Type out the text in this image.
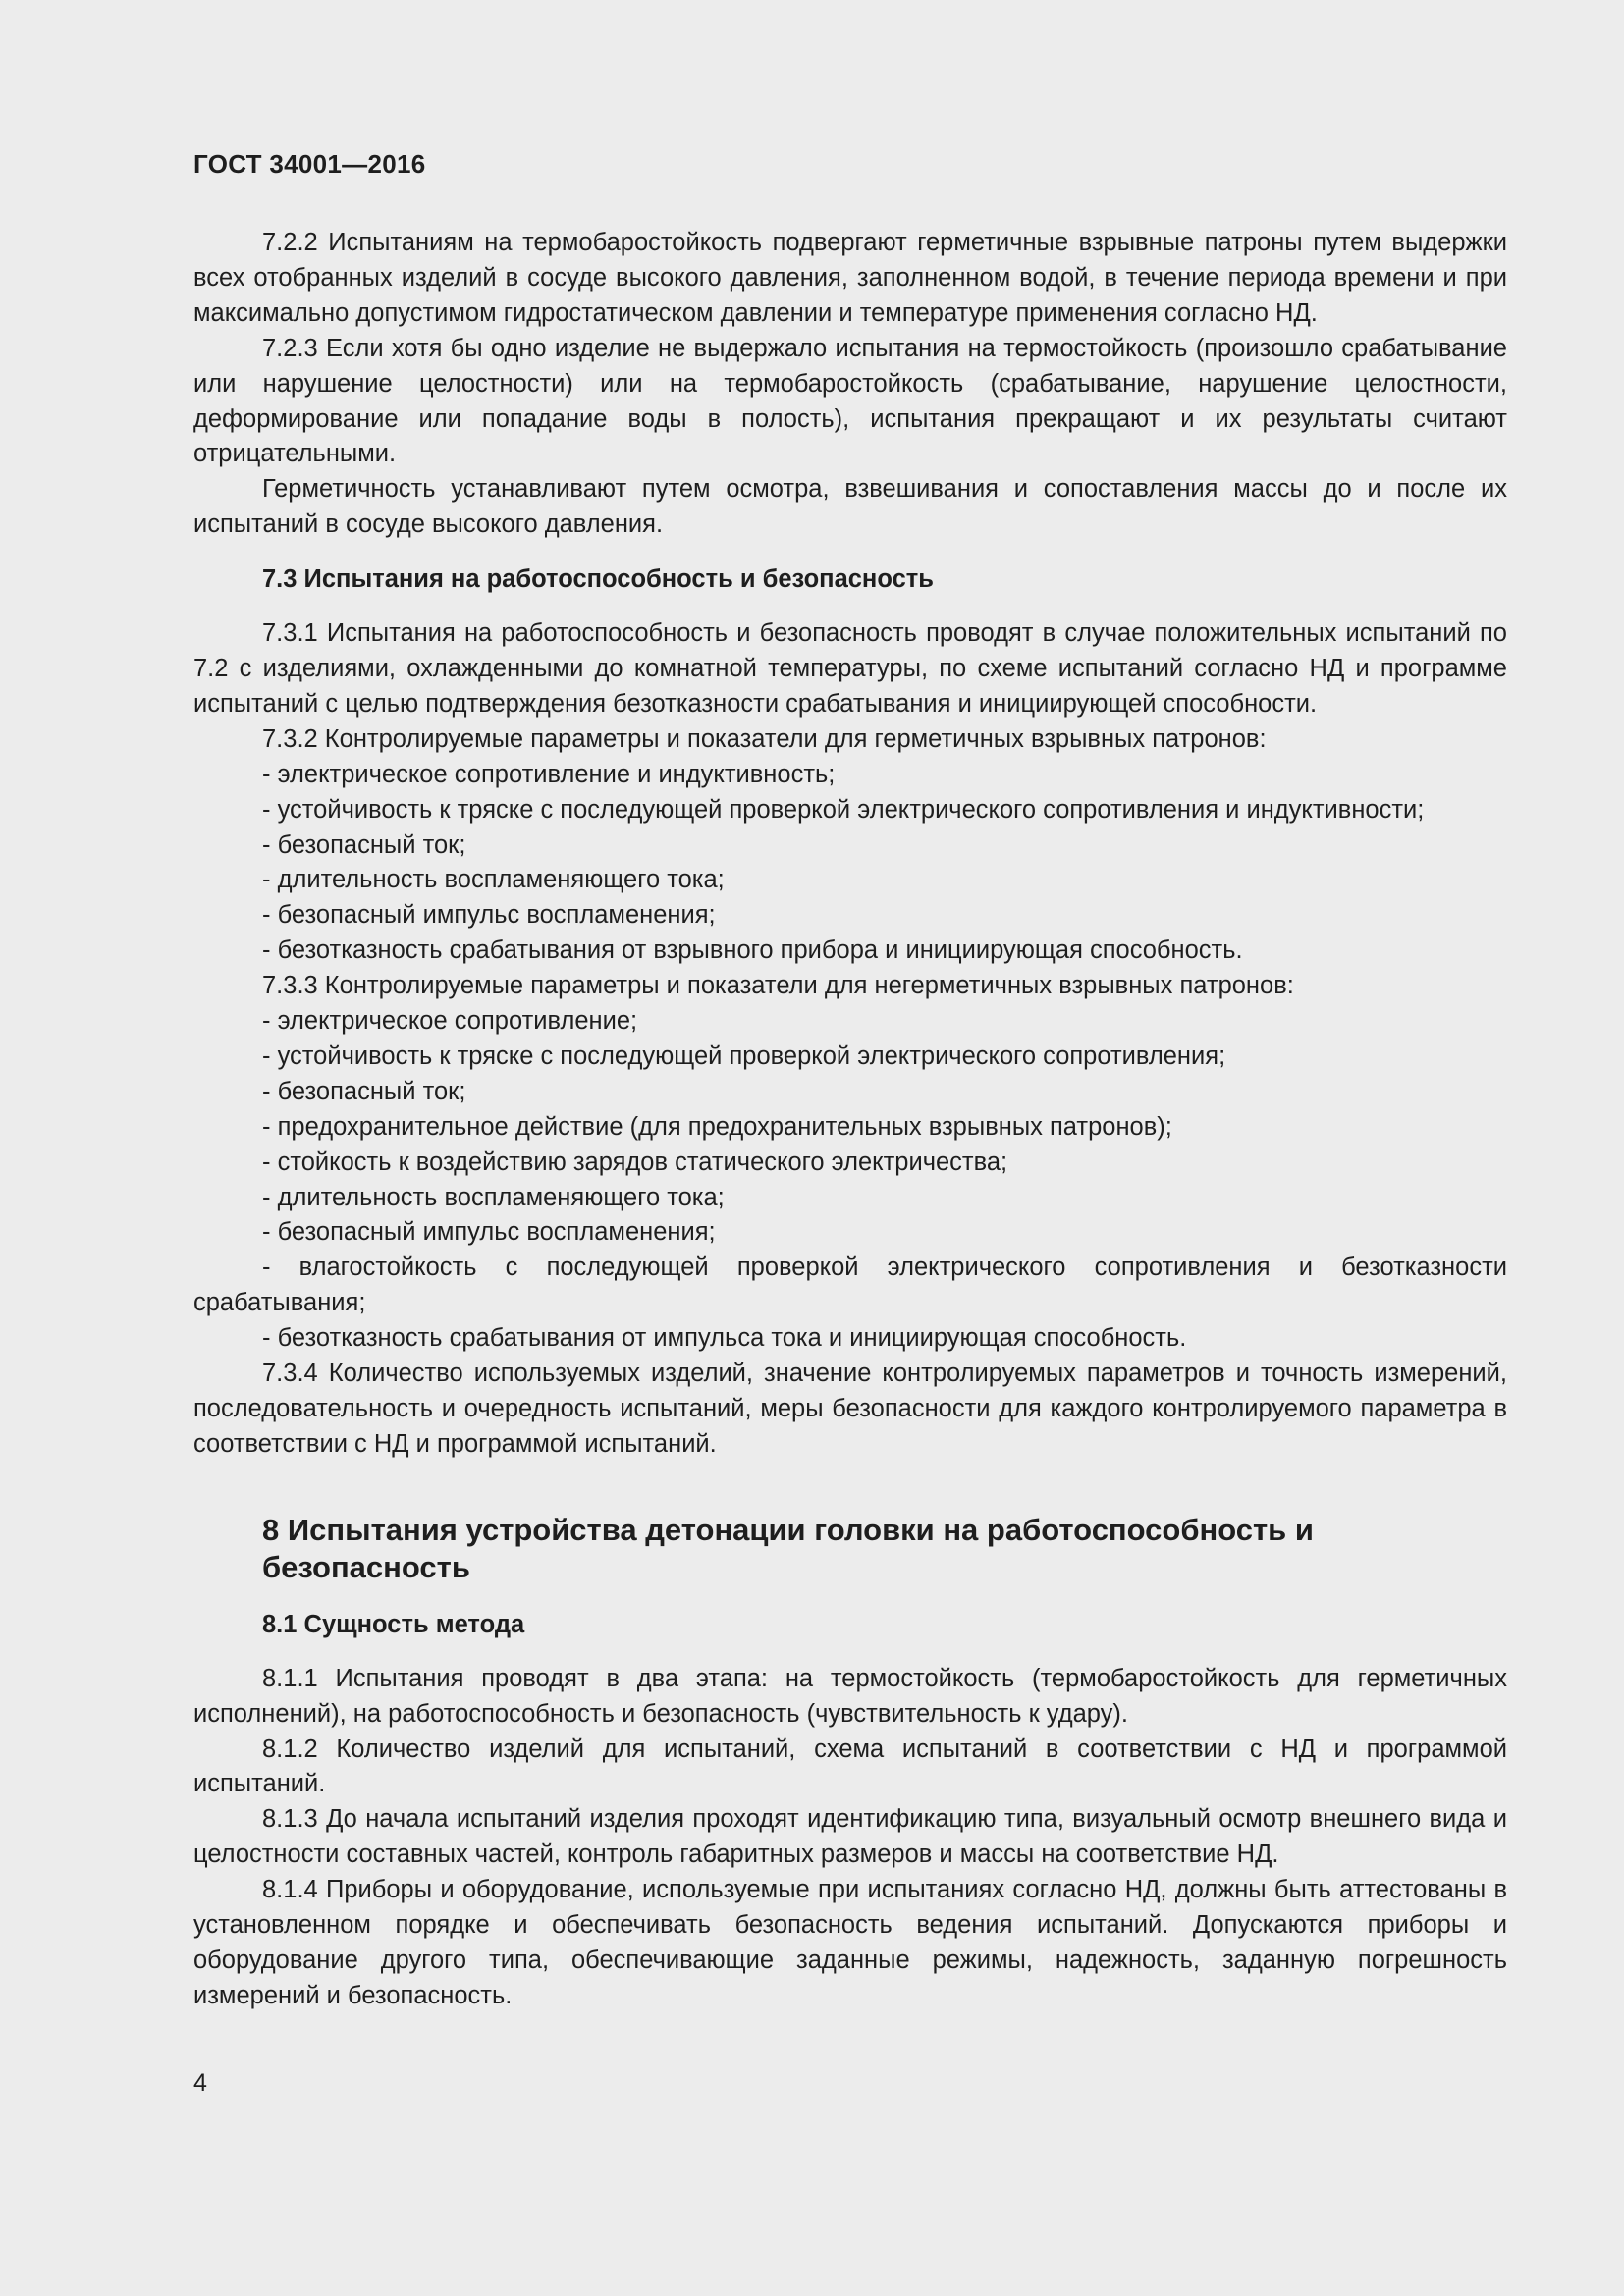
ГОСТ 34001—2016

7.2.2 Испытаниям на термобаростойкость подвергают герметичные взрывные патроны путем выдержки всех отобранных изделий в сосуде высокого давления, заполненном водой, в течение периода времени и при максимально допустимом гидростатическом давлении и температуре применения согласно НД.

7.2.3 Если хотя бы одно изделие не выдержало испытания на термостойкость (произошло срабатывание или нарушение целостности) или на термобаростойкость (срабатывание, нарушение целостности, деформирование или попадание воды в полость), испытания прекращают и их результаты считают отрицательными.

Герметичность устанавливают путем осмотра, взвешивания и сопоставления массы до и после их испытаний в сосуде высокого давления.

7.3 Испытания на работоспособность и безопасность

7.3.1 Испытания на работоспособность и безопасность проводят в случае положительных испытаний по 7.2 с изделиями, охлажденными до комнатной температуры, по схеме испытаний согласно НД и программе испытаний с целью подтверждения безотказности срабатывания и инициирующей способности.

7.3.2 Контролируемые параметры и показатели для герметичных взрывных патронов:

- электрическое сопротивление и индуктивность;

- устойчивость к тряске с последующей проверкой электрического сопротивления и индуктивности;

- безопасный ток;

- длительность воспламеняющего тока;

- безопасный импульс воспламенения;

- безотказность срабатывания от взрывного прибора и инициирующая способность.

7.3.3 Контролируемые параметры и показатели для негерметичных взрывных патронов:

- электрическое сопротивление;

- устойчивость к тряске с последующей проверкой электрического сопротивления;

- безопасный ток;

- предохранительное действие (для предохранительных взрывных патронов);

- стойкость к воздействию зарядов статического электричества;

- длительность воспламеняющего тока;

- безопасный импульс воспламенения;

- влагостойкость с последующей проверкой электрического сопротивления и безотказности срабатывания;

- безотказность срабатывания от импульса тока и инициирующая способность.

7.3.4 Количество используемых изделий, значение контролируемых параметров и точность измерений, последовательность и очередность испытаний, меры безопасности для каждого контролируемого параметра в соответствии с НД и программой испытаний.

8 Испытания устройства детонации головки на работоспособность и безопасность
8.1 Сущность метода

8.1.1 Испытания проводят в два этапа: на термостойкость (термобаростойкость для герметичных исполнений), на работоспособность и безопасность (чувствительность к удару).

8.1.2 Количество изделий для испытаний, схема испытаний в соответствии с НД и программой испытаний.

8.1.3 До начала испытаний изделия проходят идентификацию типа, визуальный осмотр внешнего вида и целостности составных частей, контроль габаритных размеров и массы на соответствие НД.

8.1.4 Приборы и оборудование, используемые при испытаниях согласно НД, должны быть аттестованы в установленном порядке и обеспечивать безопасность ведения испытаний. Допускаются приборы и оборудование другого типа, обеспечивающие заданные режимы, надежность, заданную погрешность измерений и безопасность.

4
